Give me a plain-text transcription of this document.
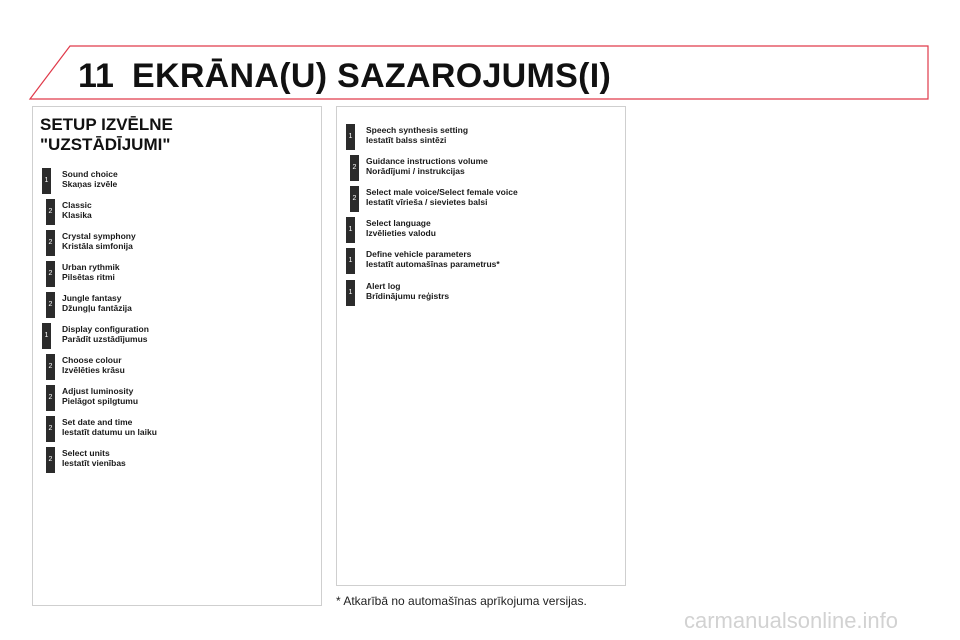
11 EKRĀNA(U) SAZAROJUMS(I)
SETUP IZVĒLNE
"UZSTĀDĪJUMI"
1
Sound choice
Skaņas izvēle
2
Classic
Klasika
2
Crystal symphony
Kristāla simfonija
2
Urban rythmik
Pilsētas ritmi
2
Jungle fantasy
Džungļu fantāzija
1
Display configuration
Parādīt uzstādījumus
2
Choose colour
Izvēlēties krāsu
2
Adjust luminosity
Pielāgot spilgtumu
2
Set date and time
Iestatīt datumu un laiku
2
Select units
Iestatīt vienības
1
Speech synthesis setting
Iestatīt balss sintēzi
2
Guidance instructions volume
Norādījumi / instrukcijas
2
Select male voice/Select female voice
Iestatīt vīrieša / sievietes balsi
1
Select language
Izvēlieties valodu
1
Define vehicle parameters
Iestatīt automašīnas parametrus*
1
Alert log
Brīdinājumu reģistrs
* Atkarībā no automašīnas aprīkojuma versijas.
carmanualsonline.info
